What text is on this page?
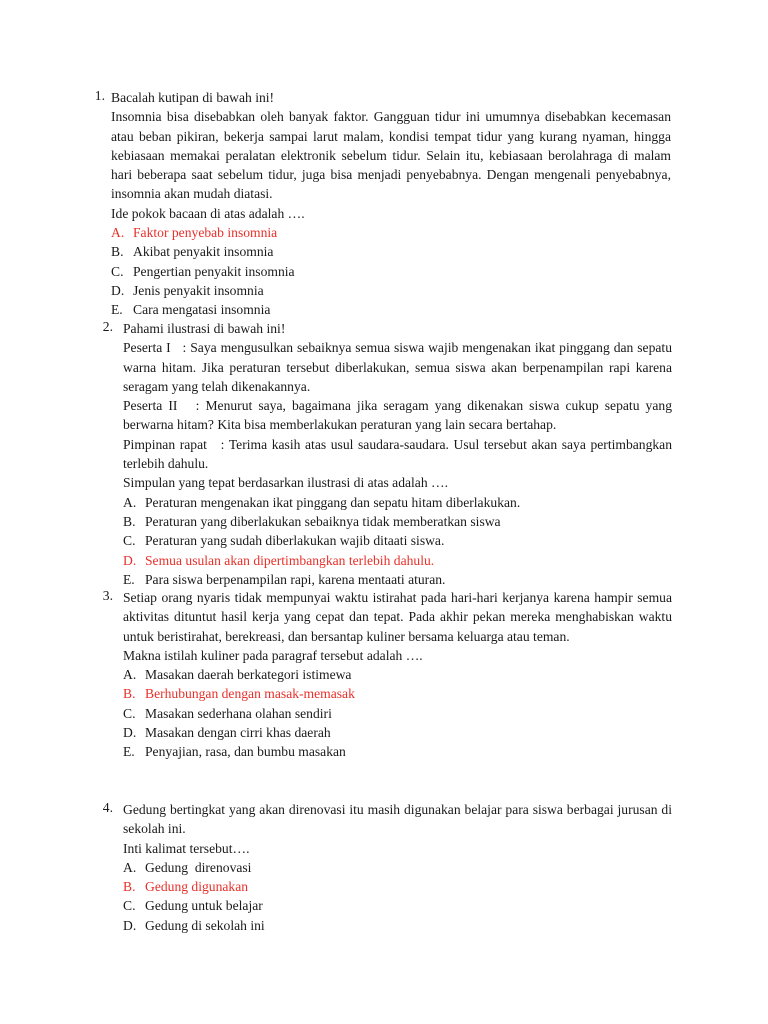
1. Bacalah kutipan di bawah ini!

Insomnia bisa disebabkan oleh banyak faktor. Gangguan tidur ini umumnya disebabkan kecemasan atau beban pikiran, bekerja sampai larut malam, kondisi tempat tidur yang kurang nyaman, hingga kebiasaan memakai peralatan elektronik sebelum tidur. Selain itu, kebiasaan berolahraga di malam hari beberapa saat sebelum tidur, juga bisa menjadi penyebabnya. Dengan mengenali penyebabnya, insomnia akan mudah diatasi.

Ide pokok bacaan di atas adalah ….

A. Faktor penyebab insomnia
B. Akibat penyakit insomnia
C. Pengertian penyakit insomnia
D. Jenis penyakit insomnia
E. Cara mengatasi insomnia
2. Pahami ilustrasi di bawah ini!

Peserta I   : Saya mengusulkan sebaiknya semua siswa wajib mengenakan ikat pinggang dan sepatu warna hitam. Jika peraturan tersebut diberlakukan, semua siswa akan berpenampilan rapi karena seragam yang telah dikenakannya.

Peserta II   : Menurut saya, bagaimana jika seragam yang dikenakan siswa cukup sepatu yang berwarna hitam? Kita bisa memberlakukan peraturan yang lain secara bertahap.

Pimpinan rapat   : Terima kasih atas usul saudara-saudara. Usul tersebut akan saya pertimbangkan terlebih dahulu.

Simpulan yang tepat berdasarkan ilustrasi di atas adalah ….

A. Peraturan mengenakan ikat pinggang dan sepatu hitam diberlakukan.
B. Peraturan yang diberlakukan sebaiknya tidak memberatkan siswa
C. Peraturan yang sudah diberlakukan wajib ditaati siswa.
D. Semua usulan akan dipertimbangkan terlebih dahulu.
E. Para siswa berpenampilan rapi, karena mentaati aturan.
3. Setiap orang nyaris tidak mempunyai waktu istirahat pada hari-hari kerjanya karena hampir semua aktivitas dituntut hasil kerja yang cepat dan tepat. Pada akhir pekan mereka menghabiskan waktu untuk beristirahat, berekreasi, dan bersantap kuliner bersama keluarga atau teman.

Makna istilah kuliner pada paragraf tersebut adalah ….

A. Masakan daerah berkategori istimewa
B. Berhubungan dengan masak-memasak
C. Masakan sederhana olahan sendiri
D. Masakan dengan cirri khas daerah
E. Penyajian, rasa, dan bumbu masakan
4. Gedung bertingkat yang akan direnovasi itu masih digunakan belajar para siswa berbagai jurusan di sekolah ini.

Inti kalimat tersebut….

A. Gedung  direnovasi
B. Gedung digunakan
C. Gedung untuk belajar
D. Gedung di sekolah ini
